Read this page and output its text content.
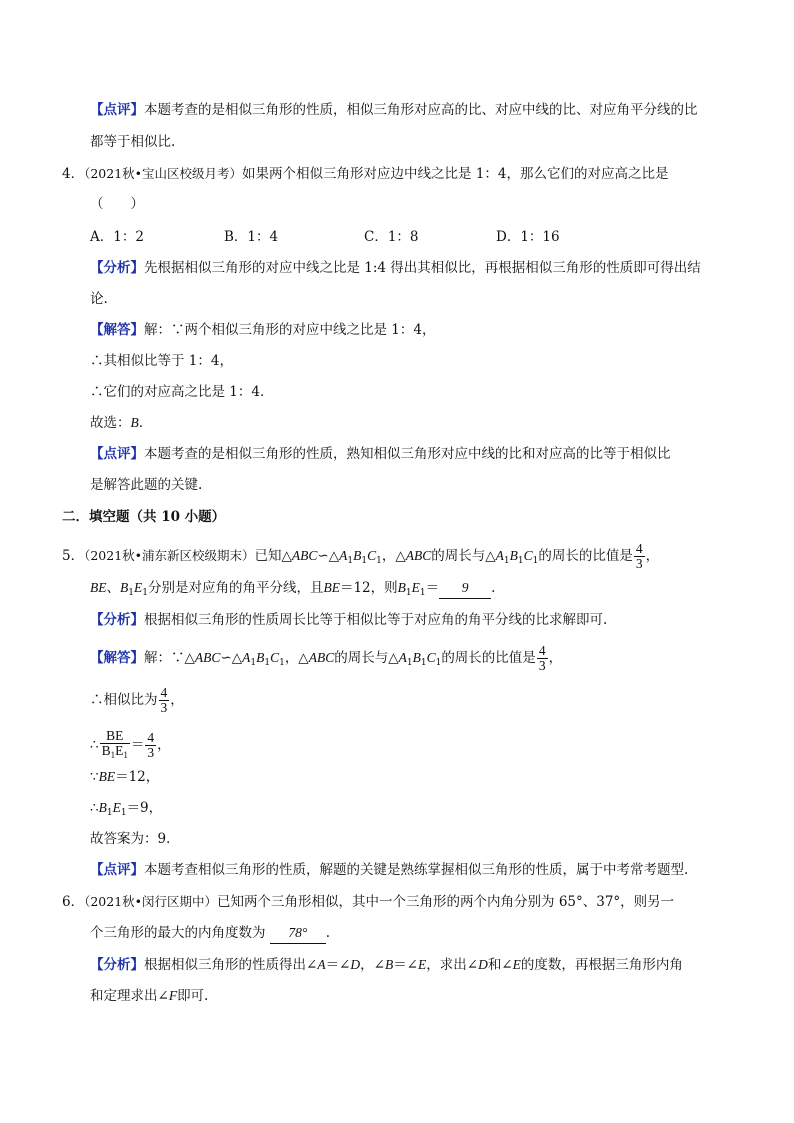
【点评】本题考查的是相似三角形的性质，相似三角形对应高的比、对应中线的比、对应角平分线的比
都等于相似比.
4．（2021秋•宝山区校级月考）如果两个相似三角形对应边中线之比是 1：4，那么它们的对应高之比是
（　　）
A．1：2	B．1：4	C．1：8	D．1：16
【分析】先根据相似三角形的对应中线之比是 1:4 得出其相似比，再根据相似三角形的性质即可得出结
论.
【解答】解：∵两个相似三角形的对应中线之比是 1：4，
∴其相似比等于 1：4，
∴它们的对应高之比是 1：4．
故选：B．
【点评】本题考查的是相似三角形的性质，熟知相似三角形对应中线的比和对应高的比等于相似比
是解答此题的关键.
二．填空题（共 10 小题）
5．（2021秋•浦东新区校级期末）已知$\triangle ABC∽\triangle A_1B_1C_1$，△ABC的周长与$\triangle A_1B_1C_1$的周长的比值是 $\frac{4}{3}$ ，
BE、$B_1E_1$分别是对应角的角平分线，且BE＝12，则$B_1E_1= 9$ .
【分析】根据相似三角形的性质周长比等于相似比等于对应角的角平分线的比求解即可.
【解答】解：$\because\triangle ABC∽\triangle A_1B_1C_1$，△ABC的周长与$\triangle A_1B_1C_1$的周长的比值是 $\frac{4}{3}$ ，
∴相似比为 $\frac{4}{3}$ ，
∴ $\frac{BE}{B_1E_1} = \frac{4}{3}$ ，
∵BE＝12，
$\therefore B_1E_1=9$，
故答案为：9．
【点评】本题考查相似三角形的性质，解题的关键是熟练掌握相似三角形的性质，属于中考常考题型.
6．（2021秋•闵行区期中）已知两个三角形相似，其中一个三角形的两个内角分别为 65°、37°，则另一
个三角形的最大的内角度数为 78° .
【分析】根据相似三角形的性质得出∠A＝∠D，∠B＝∠E，求出∠D和∠E的度数，再根据三角形内角
和定理求出∠F即可.
